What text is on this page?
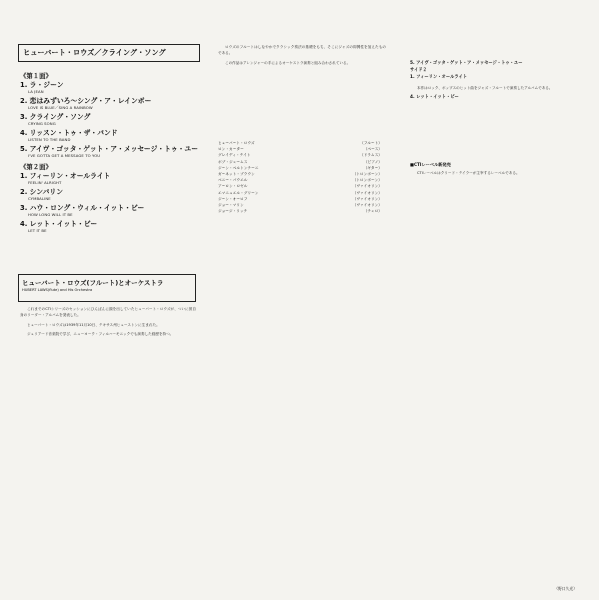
ヒューバート・ロウズ／クライング・ソング
《第１面》
1. ラ・ジーン
LA JEAN
2. 恋はみずいろ～シング・ア・レインボー
LOVE IS BLUE／SING A RAINBOW
3. クライング・ソング
CRYING SONG
4. リッスン・トゥ・ザ・バンド
LISTEN TO THE BAND
5. アイヴ・ゴッタ・ゲット・ア・メッセージ・トゥ・ユー
I'VE GOTTA GET A MESSAGE TO YOU
《第２面》
1. フィーリン・オールライト
FEELIN' ALRIGHT
2. シンバリン
CYMBALINE
3. ハウ・ロング・ウィル・イット・ビー
HOW LONG WILL IT BE
4. レット・イット・ビー
LET IT BE
ヒューバート・ロウズ(フルート)とオーケストラ
HUBERT LAWS(flute) and His Orchestra

これまでのCTIシリーズのセッションにひんぱんに顔を出していたヒューバート・ロウズが、ついに彼自身のリーダー・アルバムを発表した。

ヒューバート・ロウズは1939年11月10日、テキサス州ヒューストンに生まれた。

ジュリアード音楽院で学び、ニューヨーク・フィルハーモニックでも演奏した経歴を持つ。

ロウズのフルートはしなやかでクラシック奏法の基礎をもち、そこにジャズの即興性を加えたものである。

この作品はアレンジャーの手によるオーケストラ演奏と組み合わされている。

ヒューバート・ロウズ	（フルート）
ロン・カーター	（ベース）
グレイディ・テイト	（ドラムス）
ボブ・ジェームス	（ピアノ）
ジーン・ベルトンチーニ	（ギター）
ガーネット・ブラウン	（トロンボーン）
ベニー・パウエル	（トロンボーン）
アーロン・ロゼル	（ヴァイオリン）
エマニュエル・グリーン	（ヴァイオリン）
ジーン・オーロフ	（ヴァイオリン）
ジョー・マリン	（ヴァイオリン）
ジョージ・リッチ	（チェロ）
5. アイヴ・ゴッタ・ゲット・ア・メッセージ・トゥ・ユー
サイド２
1. フィーリン・オールライト

本作はロック、ポップスのヒット曲をジャズ・フルートで演奏したアルバムである。

4. レット・イット・ビー
■CTIレーベル新発売

CTIレーベルはクリード・テイラーが主宰するレーベルである。

（野口久光）
